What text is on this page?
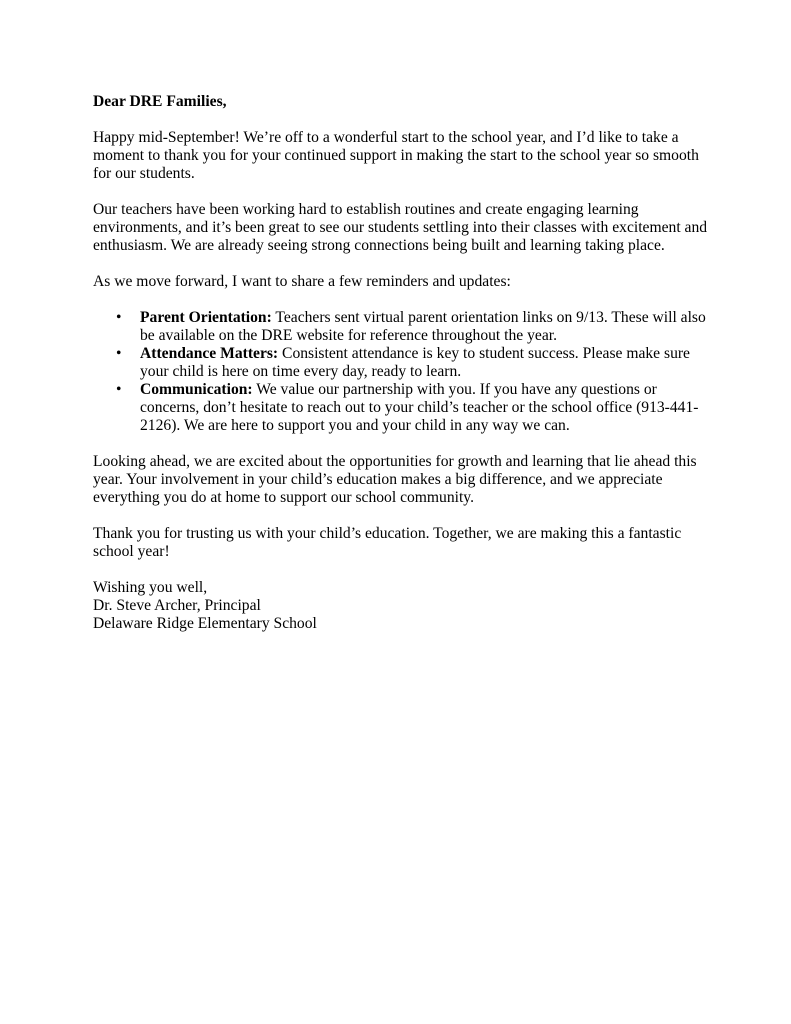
Dear DRE Families,

Happy mid-September! We’re off to a wonderful start to the school year, and I’d like to take a moment to thank you for your continued support in making the start to the school year so smooth for our students.

Our teachers have been working hard to establish routines and create engaging learning environments, and it’s been great to see our students settling into their classes with excitement and enthusiasm. We are already seeing strong connections being built and learning taking place.

As we move forward, I want to share a few reminders and updates:

• Parent Orientation: Teachers sent virtual parent orientation links on 9/13. These will also be available on the DRE website for reference throughout the year.
• Attendance Matters: Consistent attendance is key to student success. Please make sure your child is here on time every day, ready to learn.
• Communication: We value our partnership with you. If you have any questions or concerns, don’t hesitate to reach out to your child’s teacher or the school office (913-441-2126). We are here to support you and your child in any way we can.

Looking ahead, we are excited about the opportunities for growth and learning that lie ahead this year. Your involvement in your child’s education makes a big difference, and we appreciate everything you do at home to support our school community.

Thank you for trusting us with your child’s education. Together, we are making this a fantastic school year!

Wishing you well,
Dr. Steve Archer, Principal
Delaware Ridge Elementary School
